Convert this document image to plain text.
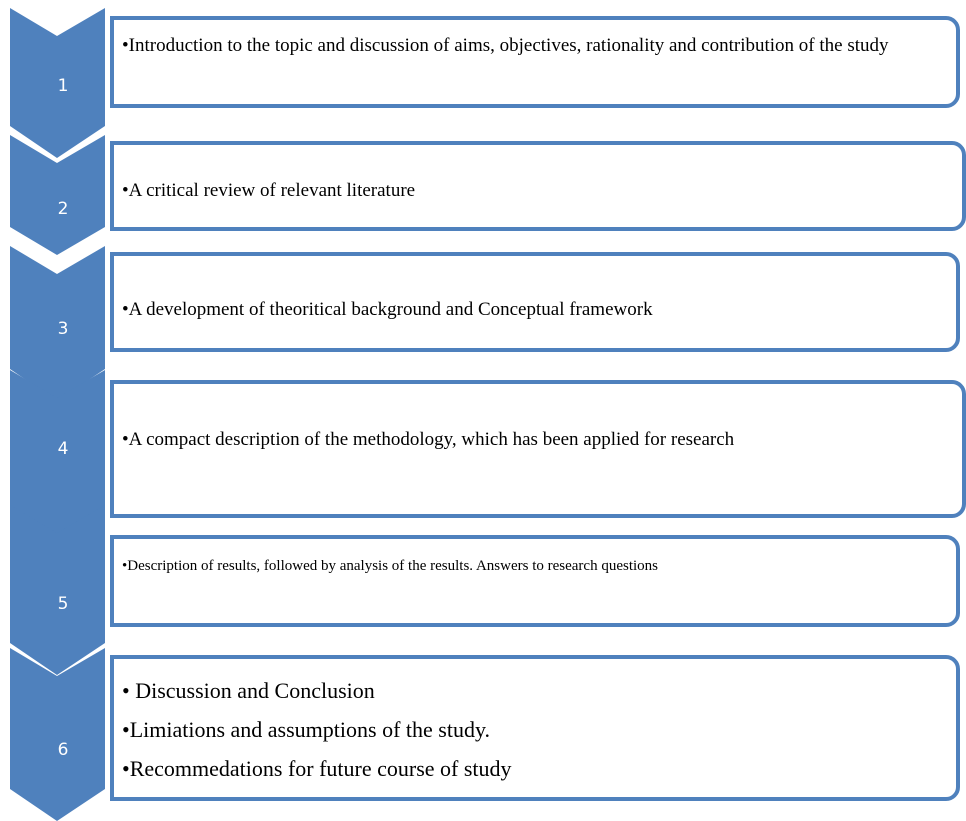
1
•Introduction to the topic and discussion of aims, objectives, rationality and contribution of the study
2
•A critical review of relevant literature
3
•A development of theoritical background and Conceptual framework
4	•A compact description of the methodology, which has been applied for research
5
•Description of results, followed by analysis of the results. Answers to research questions
6
• Discussion and Conclusion
•Limiations and assumptions of the study.
•Recommedations for future course of study
